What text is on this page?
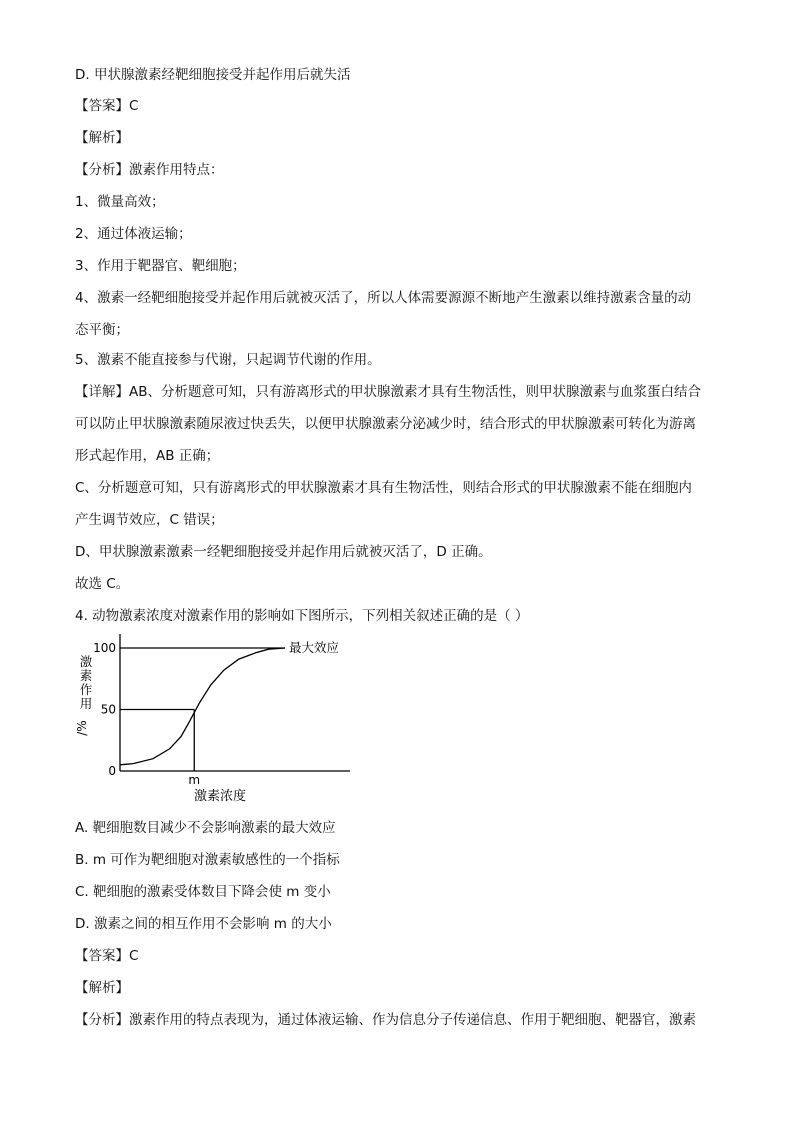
D. 甲状腺激素经靶细胞接受并起作用后就失活
【答案】C
【解析】
【分析】激素作用特点：
1、微量高效；
2、通过体液运输；
3、作用于靶器官、靶细胞；
4、激素一经靶细胞接受并起作用后就被灭活了，所以人体需要源源不断地产生激素以维持激素含量的动
态平衡；
5、激素不能直接参与代谢，只起调节代谢的作用。
【详解】AB、分析题意可知，只有游离形式的甲状腺激素才具有生物活性，则甲状腺激素与血浆蛋白结合
可以防止甲状腺激素随尿液过快丢失，以便甲状腺激素分泌减少时，结合形式的甲状腺激素可转化为游离
形式起作用，AB 正确；
C、分析题意可知，只有游离形式的甲状腺激素才具有生物活性，则结合形式的甲状腺激素不能在细胞内
产生调节效应，C 错误；
D、甲状腺激素激素一经靶细胞接受并起作用后就被灭活了，D 正确。
故选 C。
4. 动物激素浓度对激素作用的影响如下图所示，下列相关叙述正确的是（ ）
A. 靶细胞数目减少不会影响激素的最大效应
B. m 可作为靶细胞对激素敏感性的一个指标
C. 靶细胞的激素受体数目下降会使 m 变小
D. 激素之间的相互作用不会影响 m 的大小
【答案】C
【解析】
【分析】激素作用的特点表现为，通过体液运输、作为信息分子传递信息、作用于靶细胞、靶器官，激素
100
50
0
m
最大效应
激素浓度
激
素
作
用
/%
